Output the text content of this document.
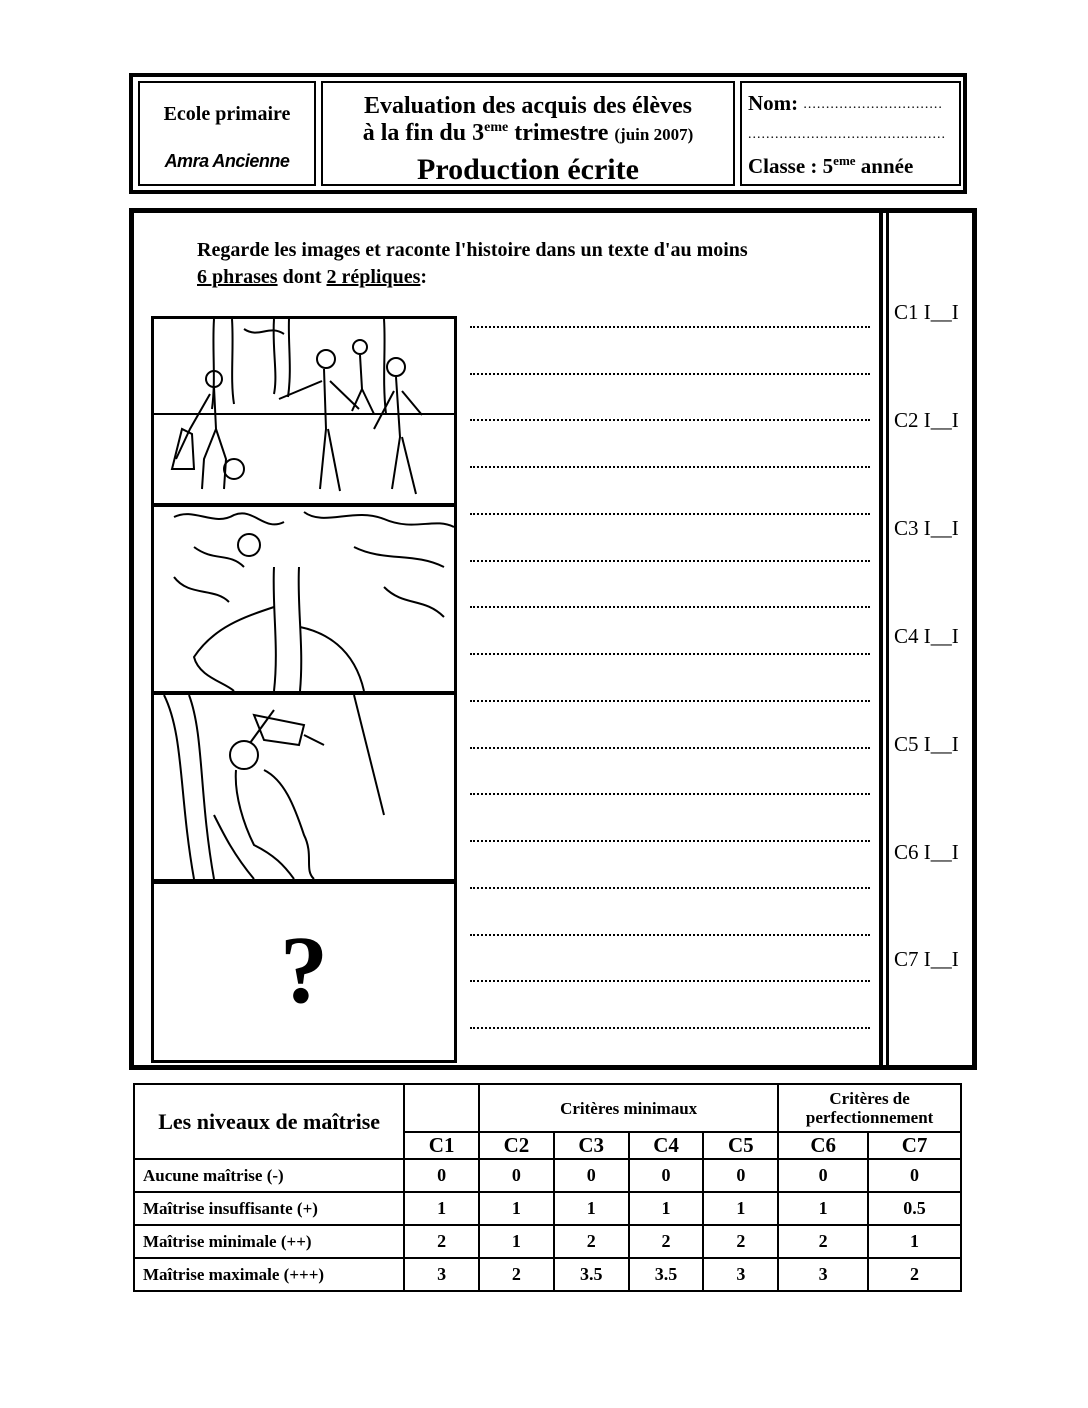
Ecole primaire
Amra Ancienne
Evaluation des acquis des élèves
à la fin du 3eme trimestre (juin 2007)
Production écrite
Nom: ...............................
............................................
Classe : 5eme année
Regarde les images et raconte l'histoire dans un texte d'au moins
6 phrases dont 2 répliques:
?
C1 I__I
C2 I__I
C3 I__I
C4 I__I
C5 I__I
C6 I__I
C7 I__I
Les niveaux de maîtrise		Critères minimaux				Critères de perfectionnement	
	C1	C2	C3	C4	C5	C6	C7
Aucune maîtrise (-)	0	0	0	0	0	0	0
Maîtrise insuffisante (+)	1	1	1	1	1	1	0.5
Maîtrise minimale (++)	2	1	2	2	2	2	1
Maîtrise maximale (+++)	3	2	3.5	3.5	3	3	2
